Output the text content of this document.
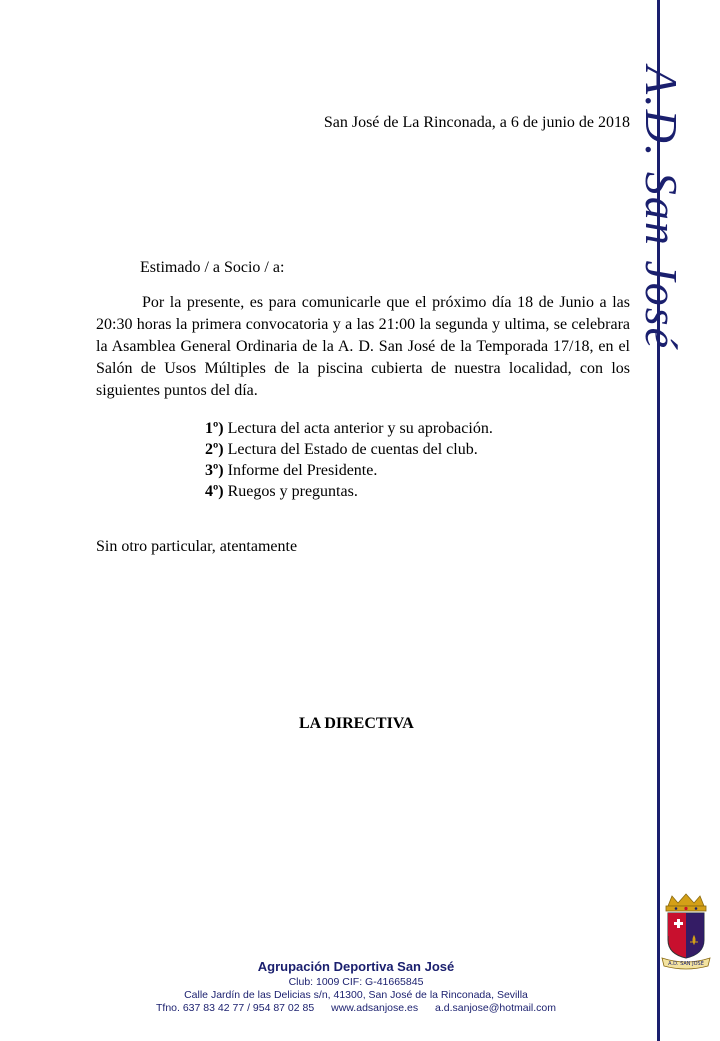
A.D. San José
San José de La Rinconada, a 6 de junio de 2018
Estimado / a Socio / a:
Por la presente, es para comunicarle que el próximo día 18 de Junio a las 20:30 horas la primera convocatoria y a las 21:00 la segunda y ultima, se celebrara la Asamblea General Ordinaria de la A. D. San José de la Temporada 17/18, en el Salón de Usos Múltiples de la piscina cubierta de nuestra localidad, con los siguientes puntos del día.
1º) Lectura del acta anterior y su aprobación.
2º) Lectura del Estado de cuentas del club.
3º) Informe del Presidente.
4º) Ruegos y preguntas.
Sin otro particular, atentamente
LA DIRECTIVA
A.D. SAN JOSÉ
Agrupación Deportiva San José
Club: 1009 CIF: G-41665845
Calle Jardín de las Delicias s/n, 41300, San José de la Rinconada, Sevilla
Tfno. 637 83 42 77 / 954 87 02 85 www.adsanjose.es a.d.sanjose@hotmail.com
